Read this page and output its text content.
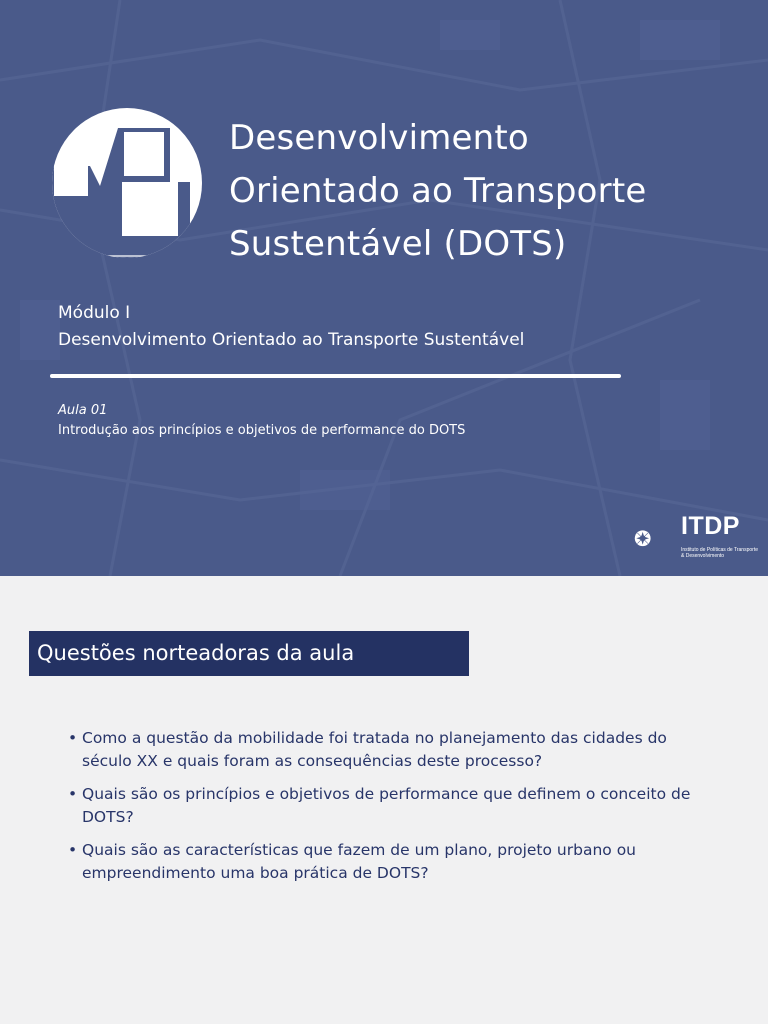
Desenvolvimento
Orientado ao Transporte
Sustentável (DOTS)
Módulo I
Desenvolvimento Orientado ao Transporte Sustentável
Aula 01
Introdução aos princípios e objetivos de performance do DOTS
ITDP
Instituto de Políticas de Transporte & Desenvolvimento
Questões norteadoras da aula
• Como a questão da mobilidade foi tratada no planejamento das cidades do século XX e quais foram as consequências deste processo?
• Quais são os princípios e objetivos de performance que definem o conceito de DOTS?
• Quais são as características que fazem de um plano, projeto urbano ou empreendimento uma boa prática de DOTS?
